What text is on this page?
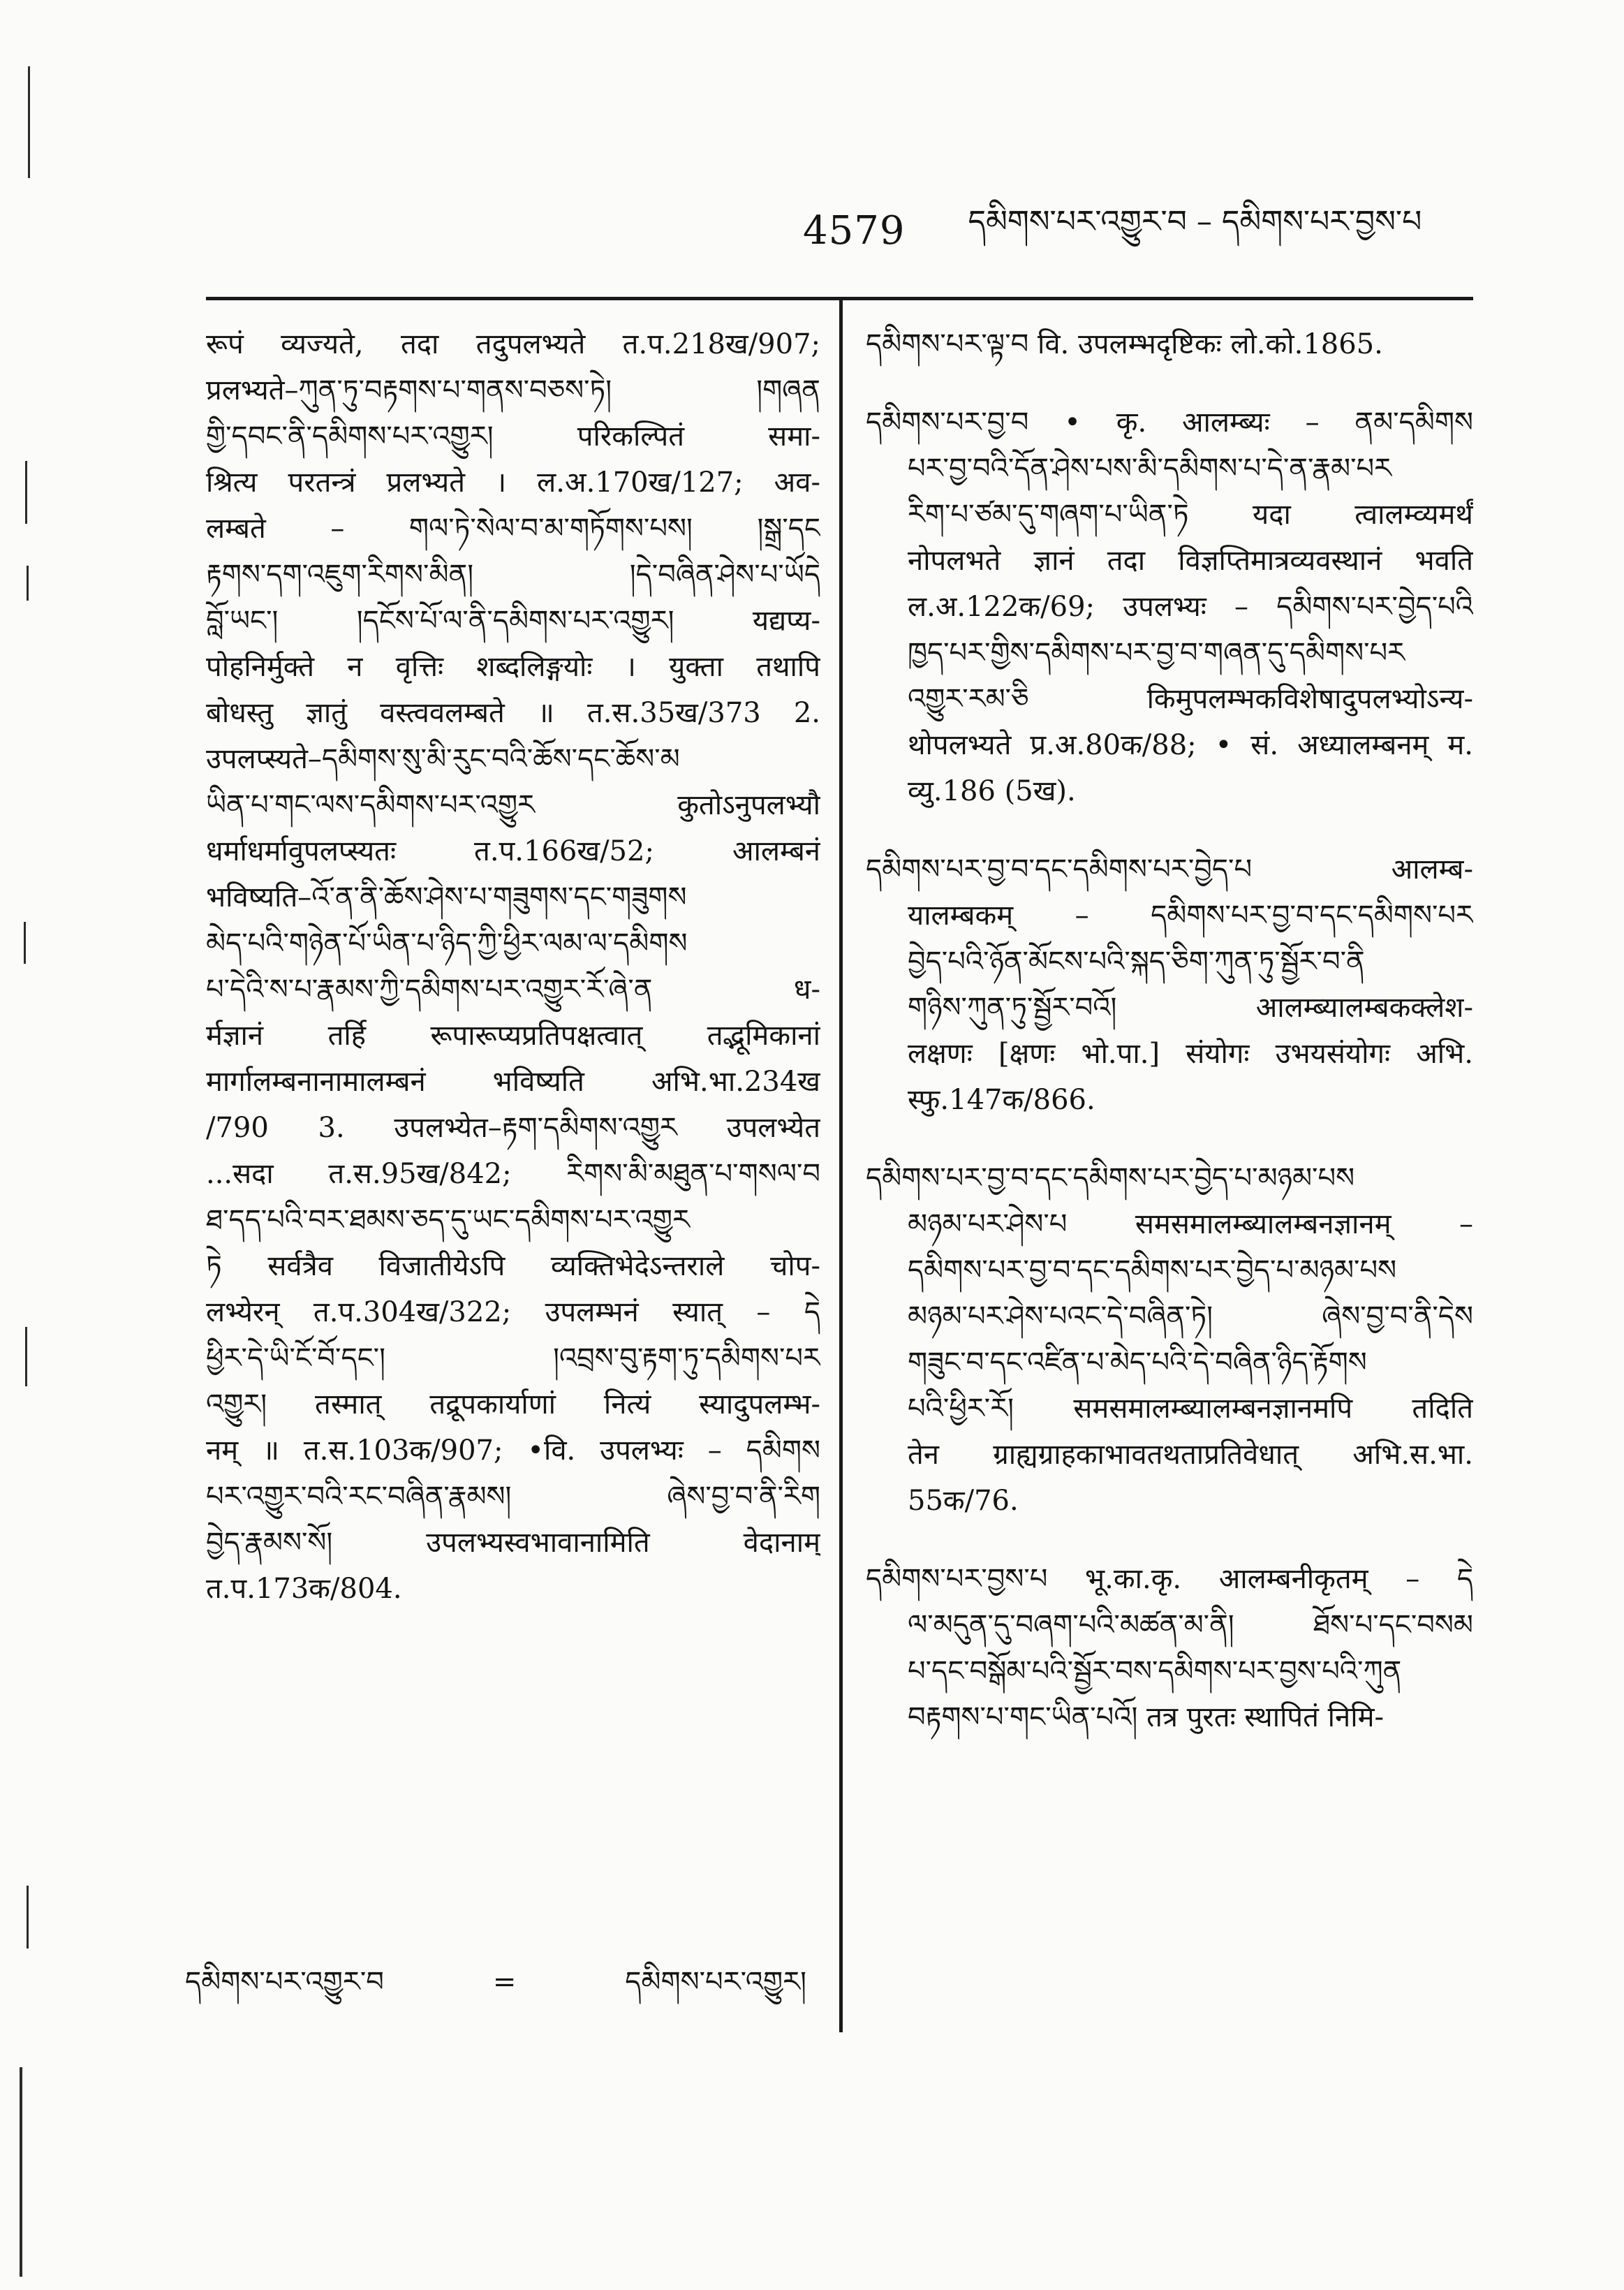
4579 དམིགས་པར་འགྱུར་བ – དམིགས་པར་བྱས་པ
रूपं व्यज्यते, तदा तदुपलभ्यते त.प.218ख/907;
प्रलभ्यते–ཀུན་ཏུ་བརྟགས་པ་གནས་བཅས་ཏེ། །གཞན
གྱི་དབང་ནི་དམིགས་པར་འགྱུར། परिकल्पितं समा-
श्रित्य परतन्त्रं प्रलभ्यते । ल.अ.170ख/127; अव-
लम्बते – གལ་ཏེ་སེལ་བ་མ་གཏོགས་པས། །སྒྲ་དང
རྟགས་དག་འཇུག་རིགས་མིན། །དེ་བཞིན་ཤེས་པ་ཡོདེ
བློ་ཡང་། །དངོས་པོ་ལ་ནི་དམིགས་པར་འགྱུར། यद्यप्य-
पोहनिर्मुक्ते न वृत्तिः शब्दलिङ्गयोः । युक्ता तथापि
बोधस्तु ज्ञातुं वस्त्ववलम्बते ॥ त.स.35ख/373 2.
उपलप्स्यते–དམིགས་སུ་མི་རུང་བའི་ཆོས་དང་ཆོས་མ
ཡིན་པ་གང་ལས་དམིགས་པར་འགྱུར कुतोऽनुपलभ्यौ
धर्माधर्मावुपलप्स्यतः त.प.166ख/52; आलम्बनं
भविष्यति–འོ་ན་ནི་ཆོས་ཤེས་པ་གཟུགས་དང་གཟུགས
མེད་པའི་གཉེན་པོ་ཡིན་པ་ཉིད་ཀྱི་ཕྱིར་ལམ་ལ་དམིགས
པ་དེའི་ས་པ་རྣམས་ཀྱི་དམིགས་པར་འགྱུར་རོ་ཞེ་ན ध-
र्मज्ञानं तर्हि रूपारूप्यप्रतिपक्षत्वात् तद्भूमिकानां
मार्गालम्बनानामालम्बनं भविष्यति अभि.भा.234ख
/790 3. उपलभ्येत–རྟག་དམིགས་འགྱུར उपलभ्येत
...सदा त.स.95ख/842; རིགས་མི་མཐུན་པ་གསལ་བ
ཐ་དད་པའི་བར་ཐམས་ཅད་དུ་ཡང་དམིགས་པར་འགྱུར
ཏེ सर्वत्रैव विजातीयेऽपि व्यक्तिभेदेऽन्तराले चोप-
लभ्येरन् त.प.304ख/322; उपलम्भनं स्यात् – དེ
ཕྱིར་དེ་ཡི་ངོ་བོ་དང་། །འབྲས་བུ་རྟག་ཏུ་དམིགས་པར
འགྱུར། तस्मात् तद्रूपकार्याणां नित्यं स्यादुपलम्भ-
नम् ॥ त.स.103क/907; •वि. उपलभ्यः – དམིགས
པར་འགྱུར་བའི་རང་བཞིན་རྣམས། ཞེས་བྱ་བ་ནི་རིག
བྱེད་རྣམས་སོ། उपलभ्यस्वभावानामिति वेदानाम्
त.प.173क/804.
དམིགས་པར་འགྱུར་བ	=	དམིགས་པར་འགྱུར།
དམིགས་པར་ལྟ་བ वि. उपलम्भदृष्टिकः लो.को.1865.
དམིགས་པར་བྱ་བ • कृ. आलम्ब्यः – ནམ་དམིགས
པར་བྱ་བའི་དོན་ཤེས་པས་མི་དམིགས་པ་དེ་ན་རྣམ་པར
རིག་པ་ཙམ་དུ་གཞག་པ་ཡིན་ཏེ यदा त्वालम्व्यमर्थं
नोपलभते ज्ञानं तदा विज्ञप्तिमात्रव्यवस्थानं भवति
ल.अ.122क/69; उपलभ्यः – དམིགས་པར་བྱེད་པའི
ཁྱད་པར་གྱིས་དམིགས་པར་བྱ་བ་གཞན་དུ་དམིགས་པར
འགྱུར་རམ་ཅི किमुपलम्भकविशेषादुपलभ्योऽन्य-
थोपलभ्यते प्र.अ.80क/88; • सं. अध्यालम्बनम् म.
व्यु.186 (5ख).
དམིགས་པར་བྱ་བ་དང་དམིགས་པར་བྱེད་པ आलम्ब-
यालम्बकम् – དམིགས་པར་བྱ་བ་དང་དམིགས་པར
བྱེད་པའི་ཉོན་མོངས་པའི་སྐད་ཅིག་ཀུན་ཏུ་སྦྱོར་བ་ནི
གཉིས་ཀུན་ཏུ་སྦྱོར་བའོ། आलम्ब्यालम्बकक्लेश-
लक्षणः [क्षणः भो.पा.] संयोगः उभयसंयोगः अभि.
स्फु.147क/866.
དམིགས་པར་བྱ་བ་དང་དམིགས་པར་བྱེད་པ་མཉམ་པས
མཉམ་པར་ཤེས་པ समसमालम्ब्यालम्बनज्ञानम् –
དམིགས་པར་བྱ་བ་དང་དམིགས་པར་བྱེད་པ་མཉམ་པས
མཉམ་པར་ཤེས་པའང་དེ་བཞིན་ཏེ། ཞེས་བྱ་བ་ནི་དེས
གཟུང་བ་དང་འཛིན་པ་མེད་པའི་དེ་བཞིན་ཉིད་རྟོགས
པའི་ཕྱིར་རོ། समसमालम्ब्यालम्बनज्ञानमपि तदिति
तेन ग्राह्यग्राहकाभावतथताप्रतिवेधात् अभि.स.भा.
55क/76.
དམིགས་པར་བྱས་པ भू.का.कृ. आलम्बनीकृतम् – དེ
ལ་མདུན་དུ་བཞག་པའི་མཚན་མ་ནི། ཐོས་པ་དང་བསམ
པ་དང་བསྒོམ་པའི་སྦྱོར་བས་དམིགས་པར་བྱས་པའི་ཀུན
བརྟགས་པ་གང་ཡིན་པའོ། तत्र पुरतः स्थापितं निमि-
